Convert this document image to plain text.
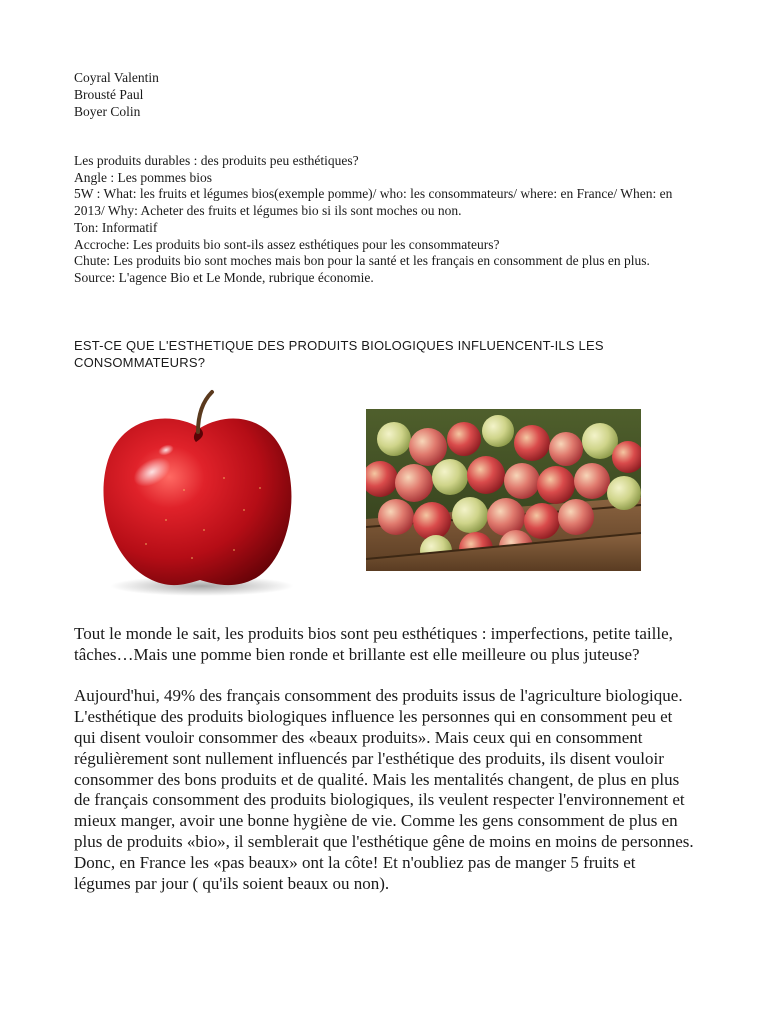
Coyral Valentin
Brousté Paul
Boyer Colin

Les produits durables : des produits peu esthétiques?

Angle : Les pommes bios

5W : What: les fruits et légumes bios(exemple pomme)/ who: les consommateurs/ where: en France/ When: en 2013/ Why: Acheter des fruits et légumes bio si ils sont moches ou non.

Ton: Informatif

Accroche: Les produits bio sont-ils assez esthétiques pour les consommateurs?

Chute: Les produits bio sont moches mais bon pour la santé et les français en consomment de plus en plus.

Source: L'agence Bio et Le Monde, rubrique économie.

EST-CE QUE L'ESTHETIQUE DES PRODUITS BIOLOGIQUES INFLUENCENT-ILS LES CONSOMMATEURS?

Tout le monde le sait, les produits bios sont peu esthétiques : imperfections, petite taille, tâches…Mais une pomme bien ronde et brillante est elle meilleure ou plus juteuse?

Aujourd'hui, 49% des français consomment des produits issus de l'agriculture biologique. L'esthétique des produits biologiques influence les personnes qui en consomment peu et qui disent vouloir consommer des «beaux produits». Mais ceux qui en consomment régulièrement sont nullement influencés par l'esthétique des produits, ils disent vouloir consommer des bons produits et de qualité. Mais les mentalités changent, de plus en plus de français consomment des produits biologiques, ils veulent respecter l'environnement et mieux manger, avoir une bonne hygiène de vie. Comme les gens consomment de plus en plus de produits «bio», il semblerait que l'esthétique gêne de moins en moins de personnes. Donc, en France les «pas beaux» ont la côte! Et n'oubliez pas de manger 5 fruits et légumes par jour ( qu'ils soient beaux ou non).
